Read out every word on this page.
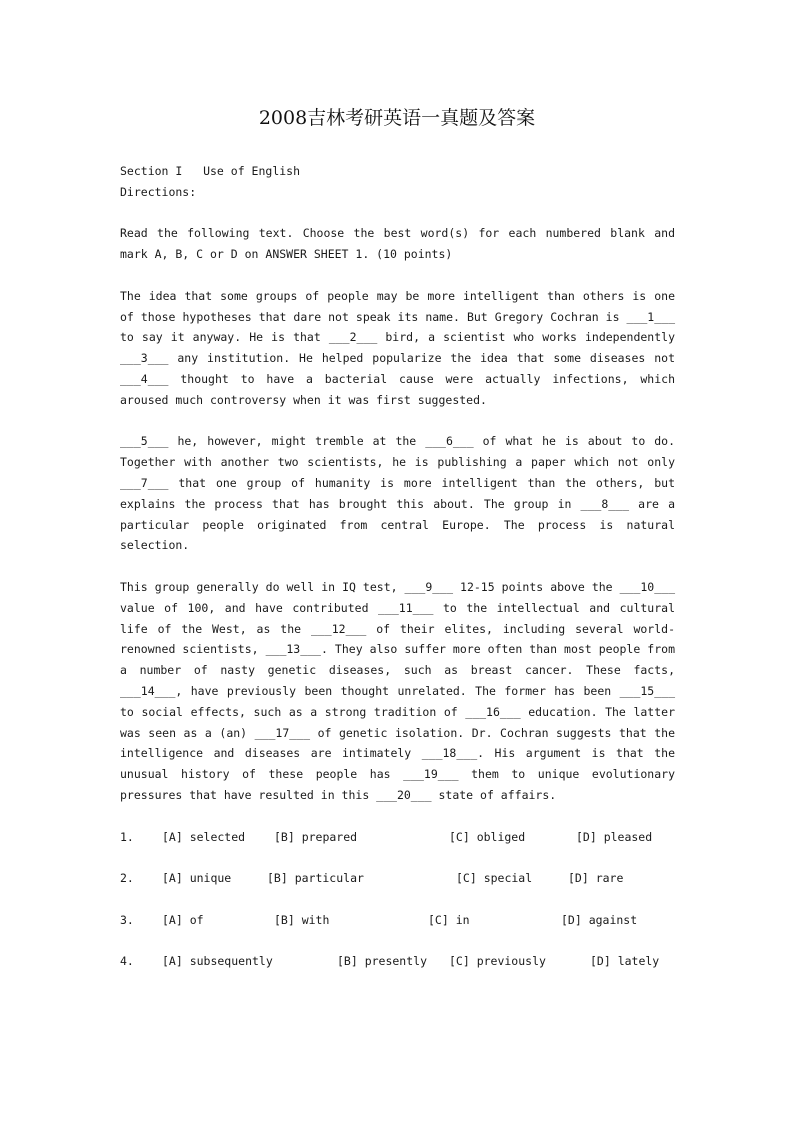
2008吉林考研英语一真题及答案
Section I   Use of English
Directions:
Read the following text. Choose the best word(s) for each numbered blank and mark A, B, C or D on ANSWER SHEET 1. (10 points)
The idea that some groups of people may be more intelligent than others is one of those hypotheses that dare not speak its name. But Gregory Cochran is ___1___ to say it anyway. He is that ___2___ bird, a scientist who works independently ___3___ any institution. He helped popularize the idea that some diseases not ___4___ thought to have a bacterial cause were actually infections, which aroused much controversy when it was first suggested.
___5___ he, however, might tremble at the ___6___ of what he is about to do. Together with another two scientists, he is publishing a paper which not only ___7___ that one group of humanity is more intelligent than the others, but explains the process that has brought this about. The group in ___8___ are a particular people originated from central Europe. The process is natural selection.
This group generally do well in IQ test, ___9___ 12-15 points above the ___10___ value of 100, and have contributed ___11___ to the intellectual and cultural life of the West, as the ___12___ of their elites, including several world-renowned scientists, ___13___. They also suffer more often than most people from a number of nasty genetic diseases, such as breast cancer. These facts, ___14___, have previously been thought unrelated. The former has been ___15___ to social effects, such as a strong tradition of ___16___ education. The latter was seen as a (an) ___17___ of genetic isolation. Dr. Cochran suggests that the intelligence and diseases are intimately ___18___. His argument is that the unusual history of these people has ___19___ them to unique evolutionary pressures that have resulted in this ___20___ state of affairs.

1.

[A] selected

	[B] prepared

	[C] obliged

	[D] pleased

2.

[A] unique

	[B] particular

	[C] special

	[D] rare

3.

[A] of

	[B] with

	[C] in

	[D] against

4.

[A] subsequently

	[B] presently

[C] previously

	[D] lately
